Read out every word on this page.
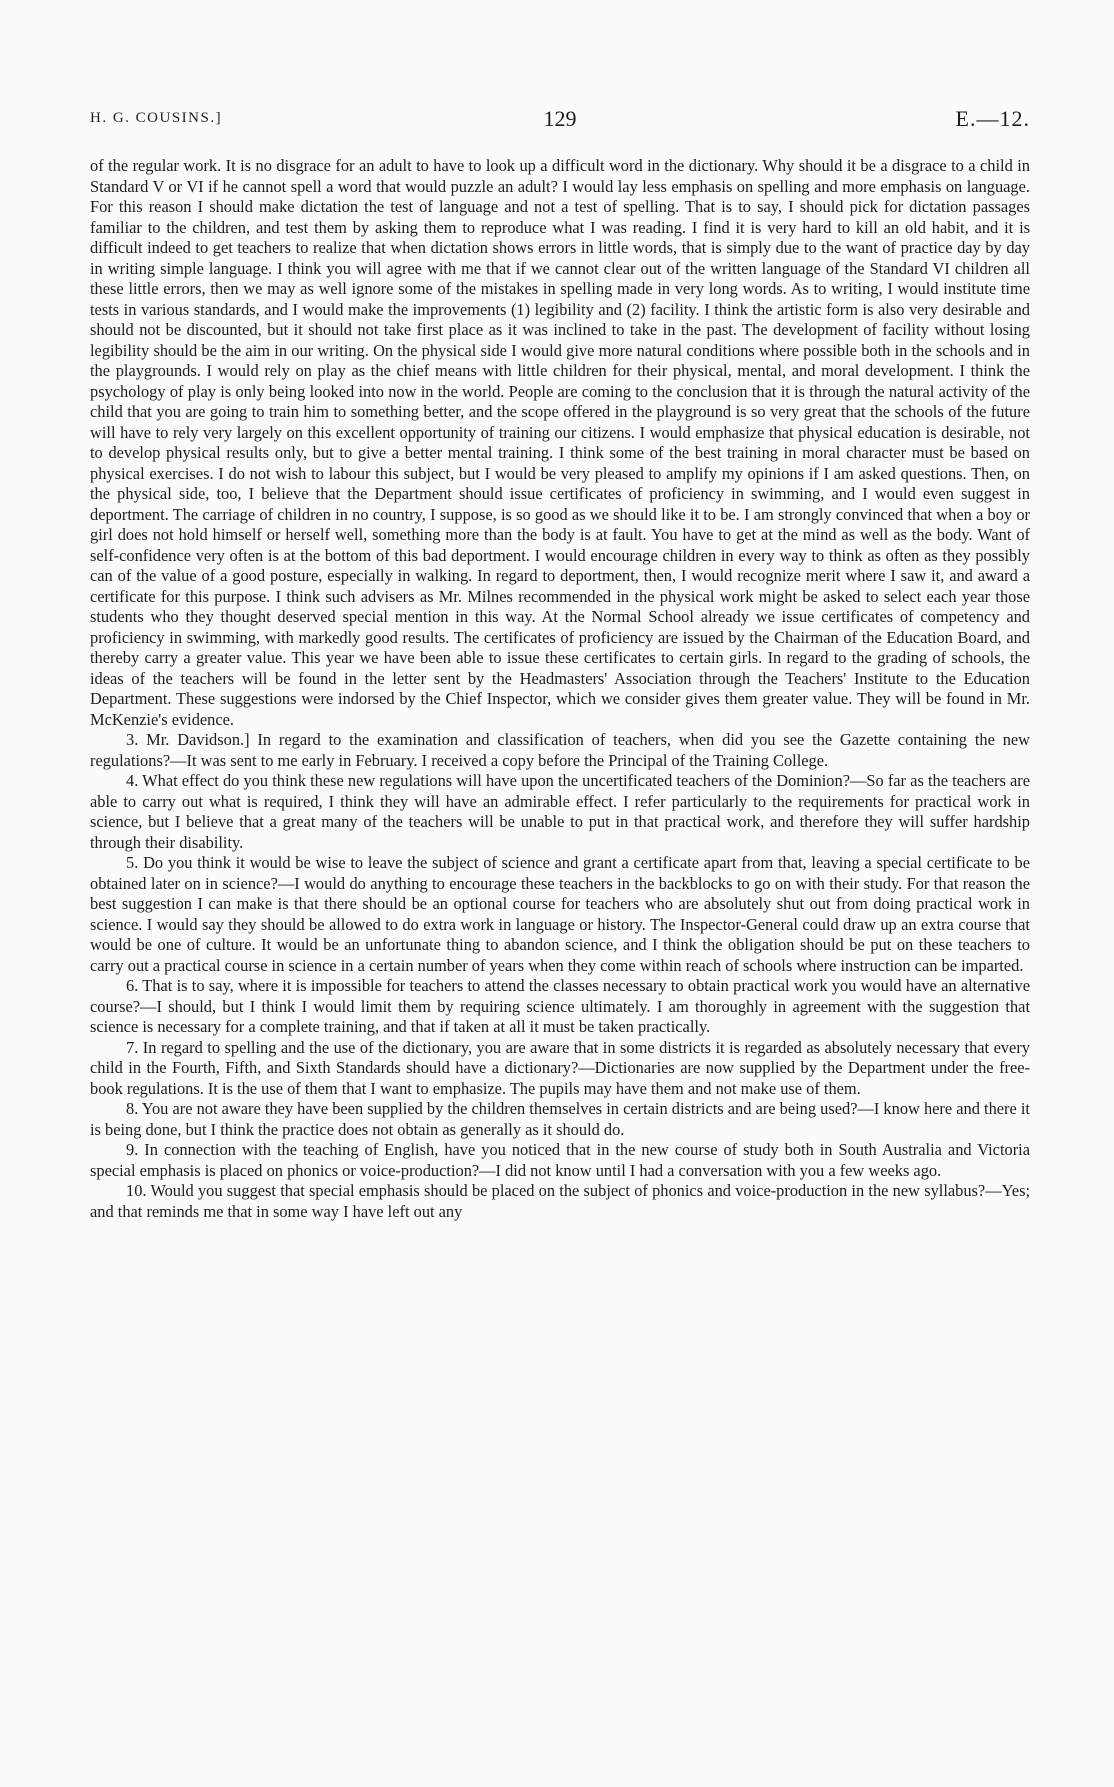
H. G. COUSINS.]	129	E.—12.

of the regular work. It is no disgrace for an adult to have to look up a difficult word in the dictionary. Why should it be a disgrace to a child in Standard V or VI if he cannot spell a word that would puzzle an adult? I would lay less emphasis on spelling and more emphasis on language. For this reason I should make dictation the test of language and not a test of spelling. That is to say, I should pick for dictation passages familiar to the children, and test them by asking them to reproduce what I was reading. I find it is very hard to kill an old habit, and it is difficult indeed to get teachers to realize that when dictation shows errors in little words, that is simply due to the want of practice day by day in writing simple language. I think you will agree with me that if we cannot clear out of the written language of the Standard VI children all these little errors, then we may as well ignore some of the mistakes in spelling made in very long words. As to writing, I would institute time tests in various standards, and I would make the improvements (1) legibility and (2) facility. I think the artistic form is also very desirable and should not be discounted, but it should not take first place as it was inclined to take in the past. The development of facility without losing legibility should be the aim in our writing. On the physical side I would give more natural conditions where possible both in the schools and in the playgrounds. I would rely on play as the chief means with little children for their physical, mental, and moral development. I think the psychology of play is only being looked into now in the world. People are coming to the conclusion that it is through the natural activity of the child that you are going to train him to something better, and the scope offered in the playground is so very great that the schools of the future will have to rely very largely on this excellent opportunity of training our citizens. I would emphasize that physical education is desirable, not to develop physical results only, but to give a better mental training. I think some of the best training in moral character must be based on physical exercises. I do not wish to labour this subject, but I would be very pleased to amplify my opinions if I am asked questions. Then, on the physical side, too, I believe that the Department should issue certificates of proficiency in swimming, and I would even suggest in deportment. The carriage of children in no country, I suppose, is so good as we should like it to be. I am strongly convinced that when a boy or girl does not hold himself or herself well, something more than the body is at fault. You have to get at the mind as well as the body. Want of self-confidence very often is at the bottom of this bad deportment. I would encourage children in every way to think as often as they possibly can of the value of a good posture, especially in walking. In regard to deportment, then, I would recognize merit where I saw it, and award a certificate for this purpose. I think such advisers as Mr. Milnes recommended in the physical work might be asked to select each year those students who they thought deserved special mention in this way. At the Normal School already we issue certificates of competency and proficiency in swimming, with markedly good results. The certificates of proficiency are issued by the Chairman of the Education Board, and thereby carry a greater value. This year we have been able to issue these certificates to certain girls. In regard to the grading of schools, the ideas of the teachers will be found in the letter sent by the Headmasters' Association through the Teachers' Institute to the Education Department. These suggestions were indorsed by the Chief Inspector, which we consider gives them greater value. They will be found in Mr. McKenzie's evidence.

3. Mr. Davidson.] In regard to the examination and classification of teachers, when did you see the Gazette containing the new regulations?—It was sent to me early in February. I received a copy before the Principal of the Training College.

4. What effect do you think these new regulations will have upon the uncertificated teachers of the Dominion?—So far as the teachers are able to carry out what is required, I think they will have an admirable effect. I refer particularly to the requirements for practical work in science, but I believe that a great many of the teachers will be unable to put in that practical work, and therefore they will suffer hardship through their disability.

5. Do you think it would be wise to leave the subject of science and grant a certificate apart from that, leaving a special certificate to be obtained later on in science?—I would do anything to encourage these teachers in the backblocks to go on with their study. For that reason the best suggestion I can make is that there should be an optional course for teachers who are absolutely shut out from doing practical work in science. I would say they should be allowed to do extra work in language or history. The Inspector-General could draw up an extra course that would be one of culture. It would be an unfortunate thing to abandon science, and I think the obligation should be put on these teachers to carry out a practical course in science in a certain number of years when they come within reach of schools where instruction can be imparted.

6. That is to say, where it is impossible for teachers to attend the classes necessary to obtain practical work you would have an alternative course?—I should, but I think I would limit them by requiring science ultimately. I am thoroughly in agreement with the suggestion that science is necessary for a complete training, and that if taken at all it must be taken practically.

7. In regard to spelling and the use of the dictionary, you are aware that in some districts it is regarded as absolutely necessary that every child in the Fourth, Fifth, and Sixth Standards should have a dictionary?—Dictionaries are now supplied by the Department under the free-book regulations. It is the use of them that I want to emphasize. The pupils may have them and not make use of them.

8. You are not aware they have been supplied by the children themselves in certain districts and are being used?—I know here and there it is being done, but I think the practice does not obtain as generally as it should do.

9. In connection with the teaching of English, have you noticed that in the new course of study both in South Australia and Victoria special emphasis is placed on phonics or voice-production?—I did not know until I had a conversation with you a few weeks ago.

10. Would you suggest that special emphasis should be placed on the subject of phonics and voice-production in the new syllabus?—Yes; and that reminds me that in some way I have left out any
